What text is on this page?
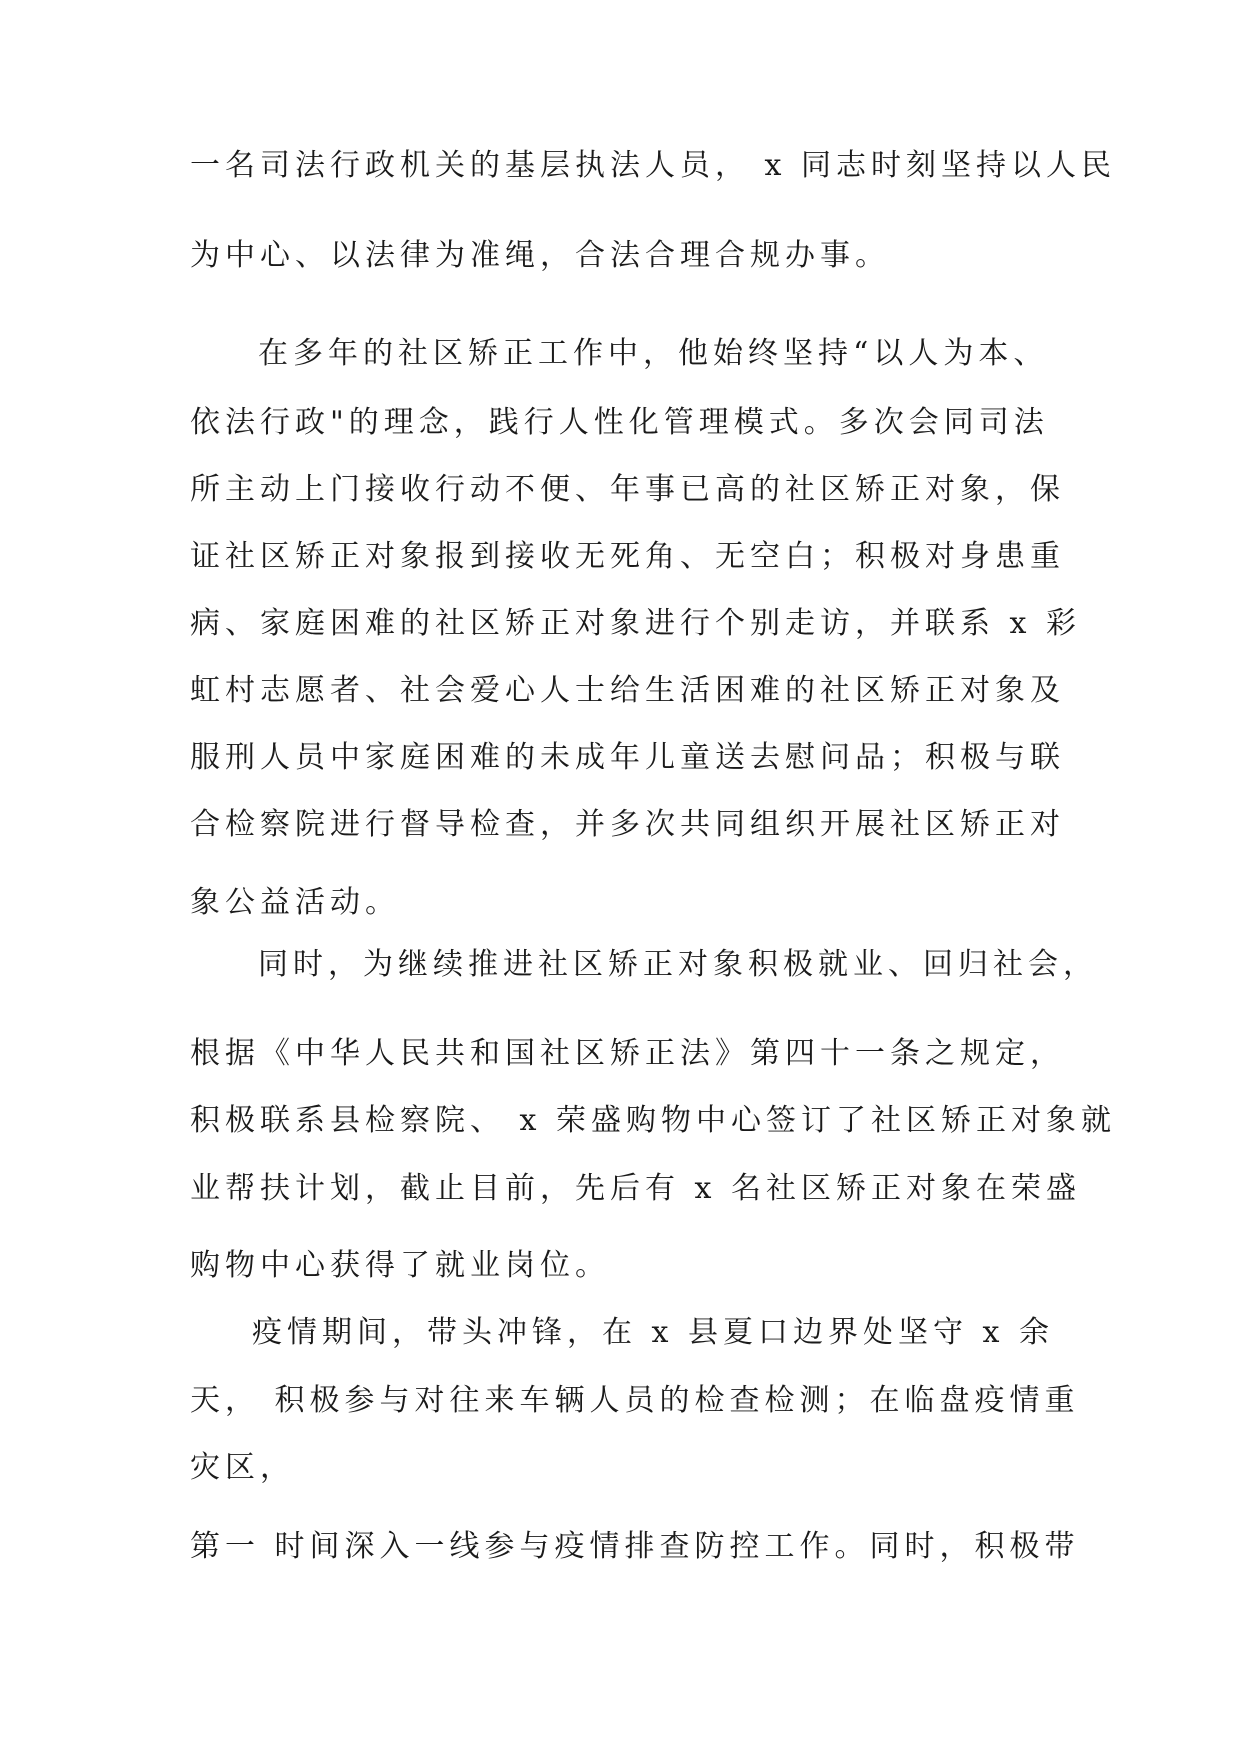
一名司法行政机关的基层执法人员， x 同志时刻坚持以人民
为中心、以法律为准绳，合法合理合规办事。
在多年的社区矫正工作中，他始终坚持“以人为本、
依法行政"的理念，践行人性化管理模式。多次会同司法
所主动上门接收行动不便、年事已高的社区矫正对象，保
证社区矫正对象报到接收无死角、无空白；积极对身患重
病、家庭困难的社区矫正对象进行个别走访，并联系 x 彩
虹村志愿者、社会爱心人士给生活困难的社区矫正对象及
服刑人员中家庭困难的未成年儿童送去慰问品；积极与联
合检察院进行督导检查，并多次共同组织开展社区矫正对
象公益活动。
同时，为继续推进社区矫正对象积极就业、回归社会，
根据《中华人民共和国社区矫正法》第四十一条之规定，
积极联系县检察院、 x 荣盛购物中心签订了社区矫正对象就
业帮扶计划，截止目前，先后有 x 名社区矫正对象在荣盛
购物中心获得了就业岗位。
疫情期间，带头冲锋，在 x 县夏口边界处坚守 x 余
天， 积极参与对往来车辆人员的检查检测；在临盘疫情重
灾区，
第一 时间深入一线参与疫情排查防控工作。同时，积极带
